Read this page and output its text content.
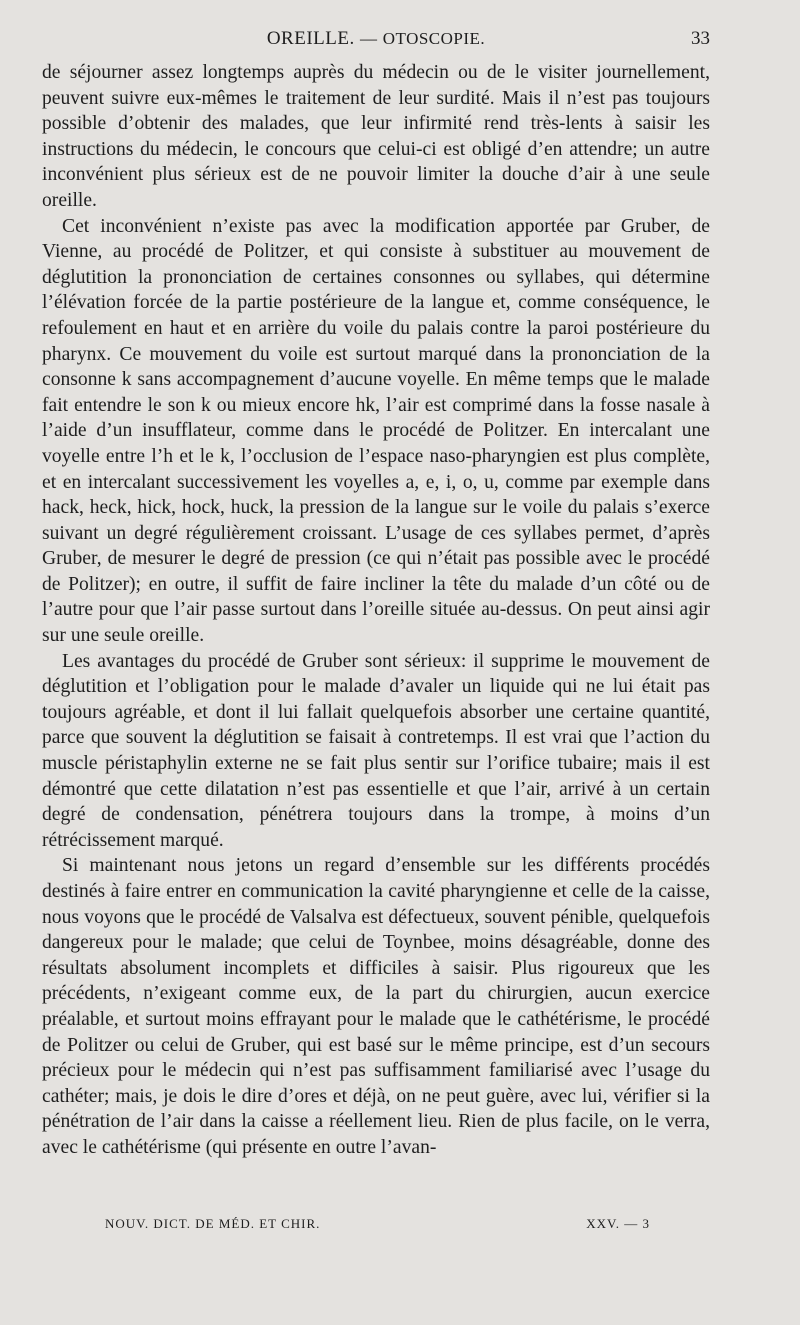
OREILLE. — OTOSCOPIE.	33

de séjourner assez longtemps auprès du médecin ou de le visiter journellement, peuvent suivre eux-mêmes le traitement de leur surdité. Mais il n’est pas toujours possible d’obtenir des malades, que leur infirmité rend très-lents à saisir les instructions du médecin, le concours que celui-ci est obligé d’en attendre; un autre inconvénient plus sérieux est de ne pouvoir limiter la douche d’air à une seule oreille.

Cet inconvénient n’existe pas avec la modification apportée par Gruber, de Vienne, au procédé de Politzer, et qui consiste à substituer au mouvement de déglutition la prononciation de certaines consonnes ou syllabes, qui détermine l’élévation forcée de la partie postérieure de la langue et, comme conséquence, le refoulement en haut et en arrière du voile du palais contre la paroi postérieure du pharynx. Ce mouvement du voile est surtout marqué dans la prononciation de la consonne k sans accompagnement d’aucune voyelle. En même temps que le malade fait entendre le son k ou mieux encore hk, l’air est comprimé dans la fosse nasale à l’aide d’un insufflateur, comme dans le procédé de Politzer. En intercalant une voyelle entre l’h et le k, l’occlusion de l’espace naso-pharyngien est plus complète, et en intercalant successivement les voyelles a, e, i, o, u, comme par exemple dans hack, heck, hick, hock, huck, la pression de la langue sur le voile du palais s’exerce suivant un degré régulièrement croissant. L’usage de ces syllabes permet, d’après Gruber, de mesurer le degré de pression (ce qui n’était pas possible avec le procédé de Politzer); en outre, il suffit de faire incliner la tête du malade d’un côté ou de l’autre pour que l’air passe surtout dans l’oreille située au-dessus. On peut ainsi agir sur une seule oreille.

Les avantages du procédé de Gruber sont sérieux: il supprime le mouvement de déglutition et l’obligation pour le malade d’avaler un liquide qui ne lui était pas toujours agréable, et dont il lui fallait quelquefois absorber une certaine quantité, parce que souvent la déglutition se faisait à contretemps. Il est vrai que l’action du muscle péristaphylin externe ne se fait plus sentir sur l’orifice tubaire; mais il est démontré que cette dilatation n’est pas essentielle et que l’air, arrivé à un certain degré de condensation, pénétrera toujours dans la trompe, à moins d’un rétrécissement marqué.

Si maintenant nous jetons un regard d’ensemble sur les différents procédés destinés à faire entrer en communication la cavité pharyngienne et celle de la caisse, nous voyons que le procédé de Valsalva est défectueux, souvent pénible, quelquefois dangereux pour le malade; que celui de Toynbee, moins désagréable, donne des résultats absolument incomplets et difficiles à saisir. Plus rigoureux que les précédents, n’exigeant comme eux, de la part du chirurgien, aucun exercice préalable, et surtout moins effrayant pour le malade que le cathétérisme, le procédé de Politzer ou celui de Gruber, qui est basé sur le même principe, est d’un secours précieux pour le médecin qui n’est pas suffisamment familiarisé avec l’usage du cathéter; mais, je dois le dire d’ores et déjà, on ne peut guère, avec lui, vérifier si la pénétration de l’air dans la caisse a réellement lieu. Rien de plus facile, on le verra, avec le cathétérisme (qui présente en outre l’avan-

NOUV. DICT. DE MÉD. ET CHIR.	XXV. — 3
